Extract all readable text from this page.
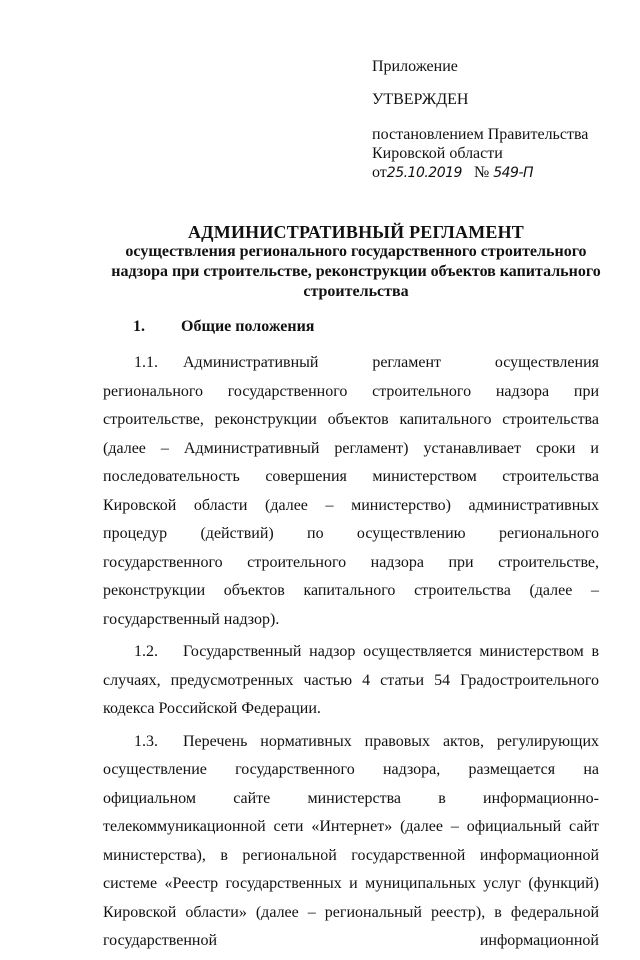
Приложение
УТВЕРЖДЕН
постановлением Правительства
Кировской области
от25.10.2019 № 549-П
АДМИНИСТРАТИВНЫЙ РЕГЛАМЕНТ
осуществления регионального государственного строительного надзора при строительстве, реконструкции объектов капитального строительства
1. Общие положения

1.1. Административный регламент осуществления регионального государственного строительного надзора при строительстве, реконструкции объектов капитального строительства (далее – Административный регламент) устанавливает сроки и последовательность совершения министерством строительства Кировской области (далее – министерство) административных процедур (действий) по осуществлению регионального государственного строительного надзора при строительстве, реконструкции объектов капитального строительства (далее – государственный надзор).

1.2. Государственный надзор осуществляется министерством в случаях, предусмотренных частью 4 статьи 54 Градостроительного кодекса Российской Федерации.

1.3. Перечень нормативных правовых актов, регулирующих осуществление государственного надзора, размещается на официальном сайте министерства в информационно-телекоммуникационной сети «Интернет» (далее – официальный сайт министерства), в региональной государственной информационной системе «Реестр государственных и муниципальных услуг (функций) Кировской области» (далее – региональный реестр), в федеральной государственной информационной
